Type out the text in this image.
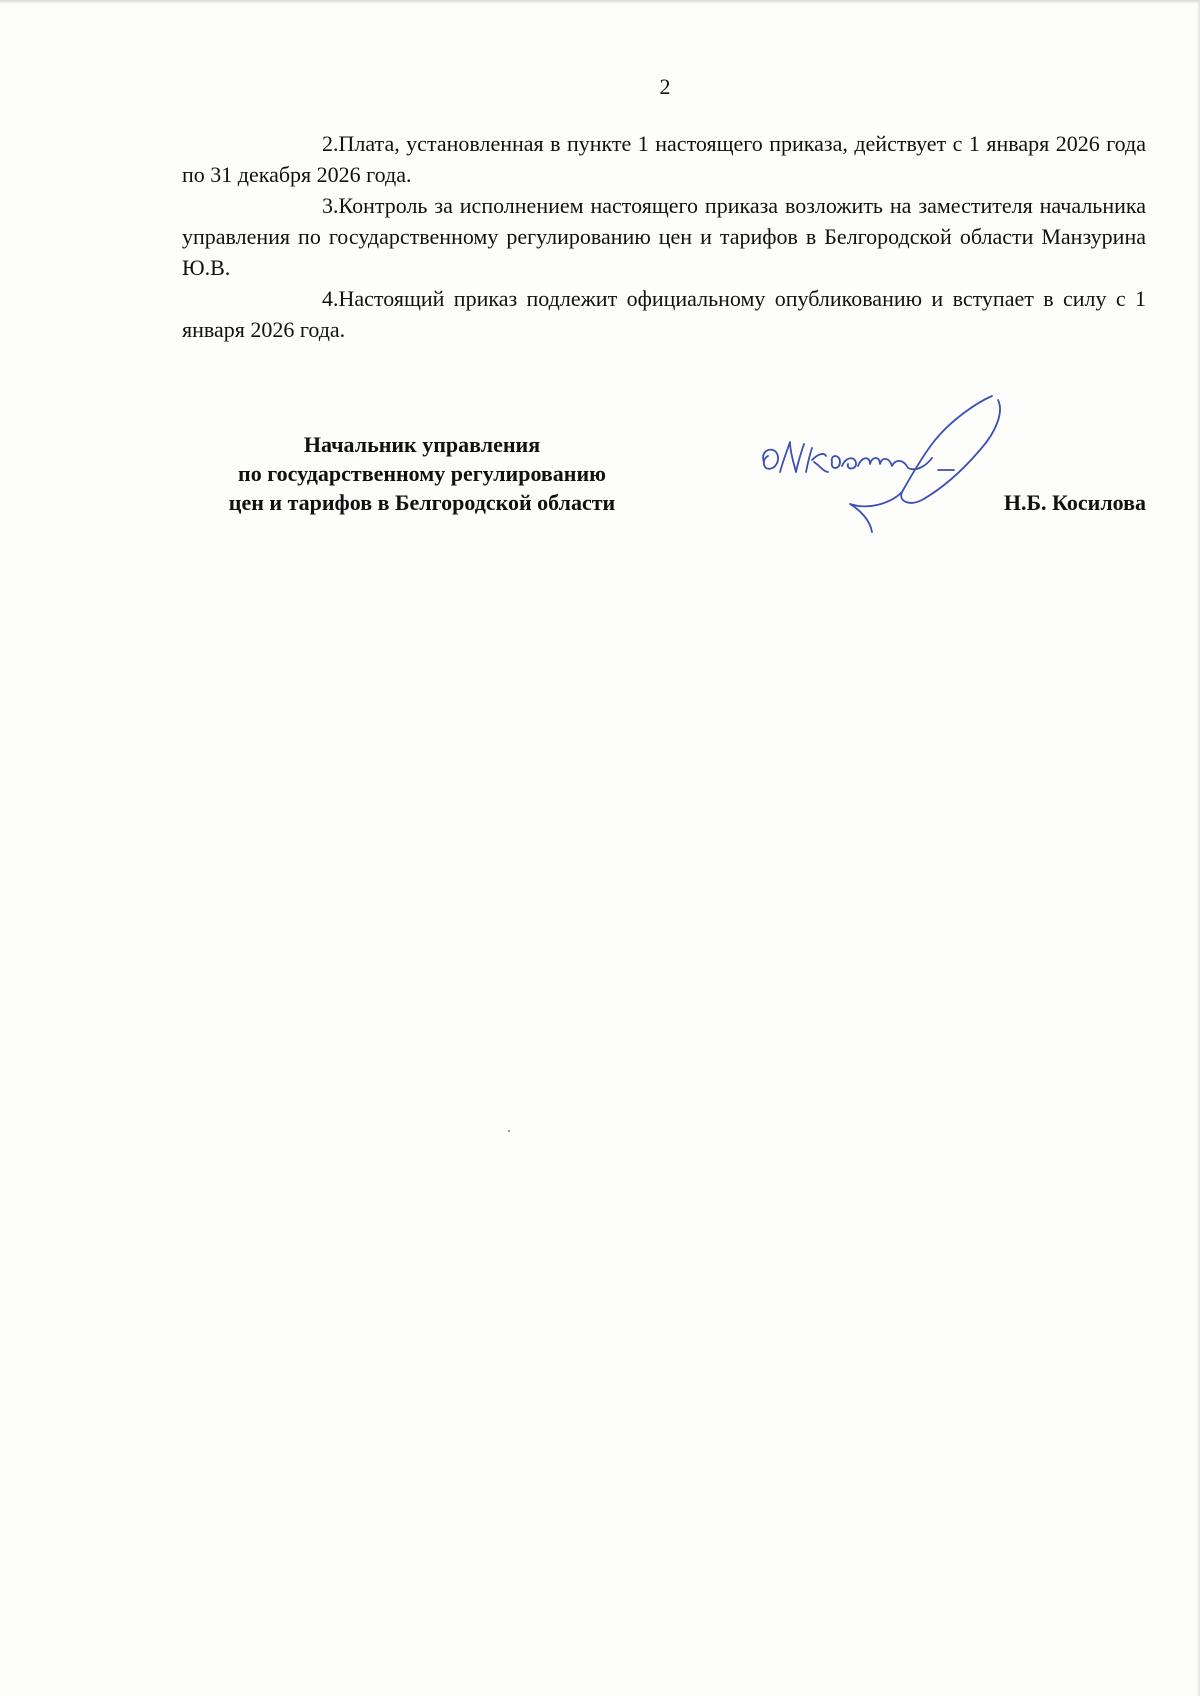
2

2.Плата, установленная в пункте 1 настоящего приказа, действует с 1 января 2026 года по 31 декабря 2026 года.

3.Контроль за исполнением настоящего приказа возложить на заместителя начальника управления по государственному регулированию цен и тарифов в Белгородской области Манзурина Ю.В.

4.Настоящий приказ подлежит официальному опубликованию и вступает в силу с 1 января 2026 года.

Начальник управления
по государственному регулированию
цен и тарифов в Белгородской области	Н.Б. Косилова
